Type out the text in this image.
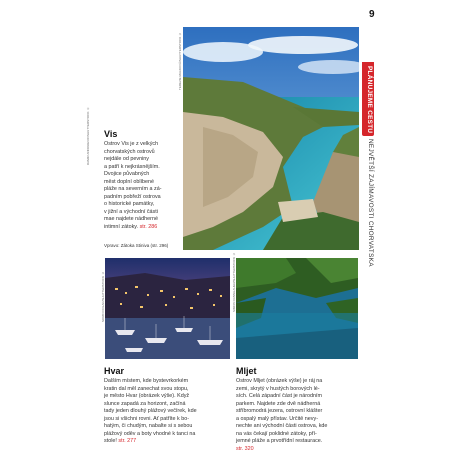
9
TEREZIE MALKOVÁ/SHUTTERSTOCK ©
DAMIR ANDRIJEVIC/SHUTTERSTOCK ©
SORIN COLAC/SHUTTERSTOCK ©	SIMON DANNHAUER/SHUTTERSTOCK ©
PLÁNUJEME CESTU
NEJVĚTŠÍ ZAJÍMAVOSTI CHORVATSKA
Vis
Ostrov Vis je z velkých
chorvatských ostrovů
nejdále od pevniny
a patří k nejkrásnějším.
Dvojice půvabných
měst doplní oblíbené
pláže na severním a zá-
padním pobřeží ostrova
o historické památky,
v jižní a východní části
mae najdete nádherné
intimní zátoky. str. 286
Vpravo: Zátoka Stiniva (str. 296)
Hvar
Dalším místem, kde bystevrkorkém
kratin dal měl zanechat svou stopu,
je město Hvar (obrázek výše). Když
slunce zapadá za horizont, začíná
tady jeden dlouhý plážový večírek, kde
jsou si všichni rovni. Ať patříte k bo-
hatým, či chudým, nabalte si s sebou
plážový oděv a boty vhodné k tanci na
stole! str. 277
Mljet
Ostrov Mljet (obrázek výše) je ráj na
zemi, skrytý v hustých borových lé-
sích. Celá západní část je národním
parkem. Najdete zde dvě nádherná
stříbromodrá jezera, ostrovní klášter
a ospalý malý přístav. Určitě nevy-
nechte ani východní části ostrova, kde
na vás čekají poklidné zátoky, pří-
jemné pláže a prvotřídní restaurace.
str. 320
